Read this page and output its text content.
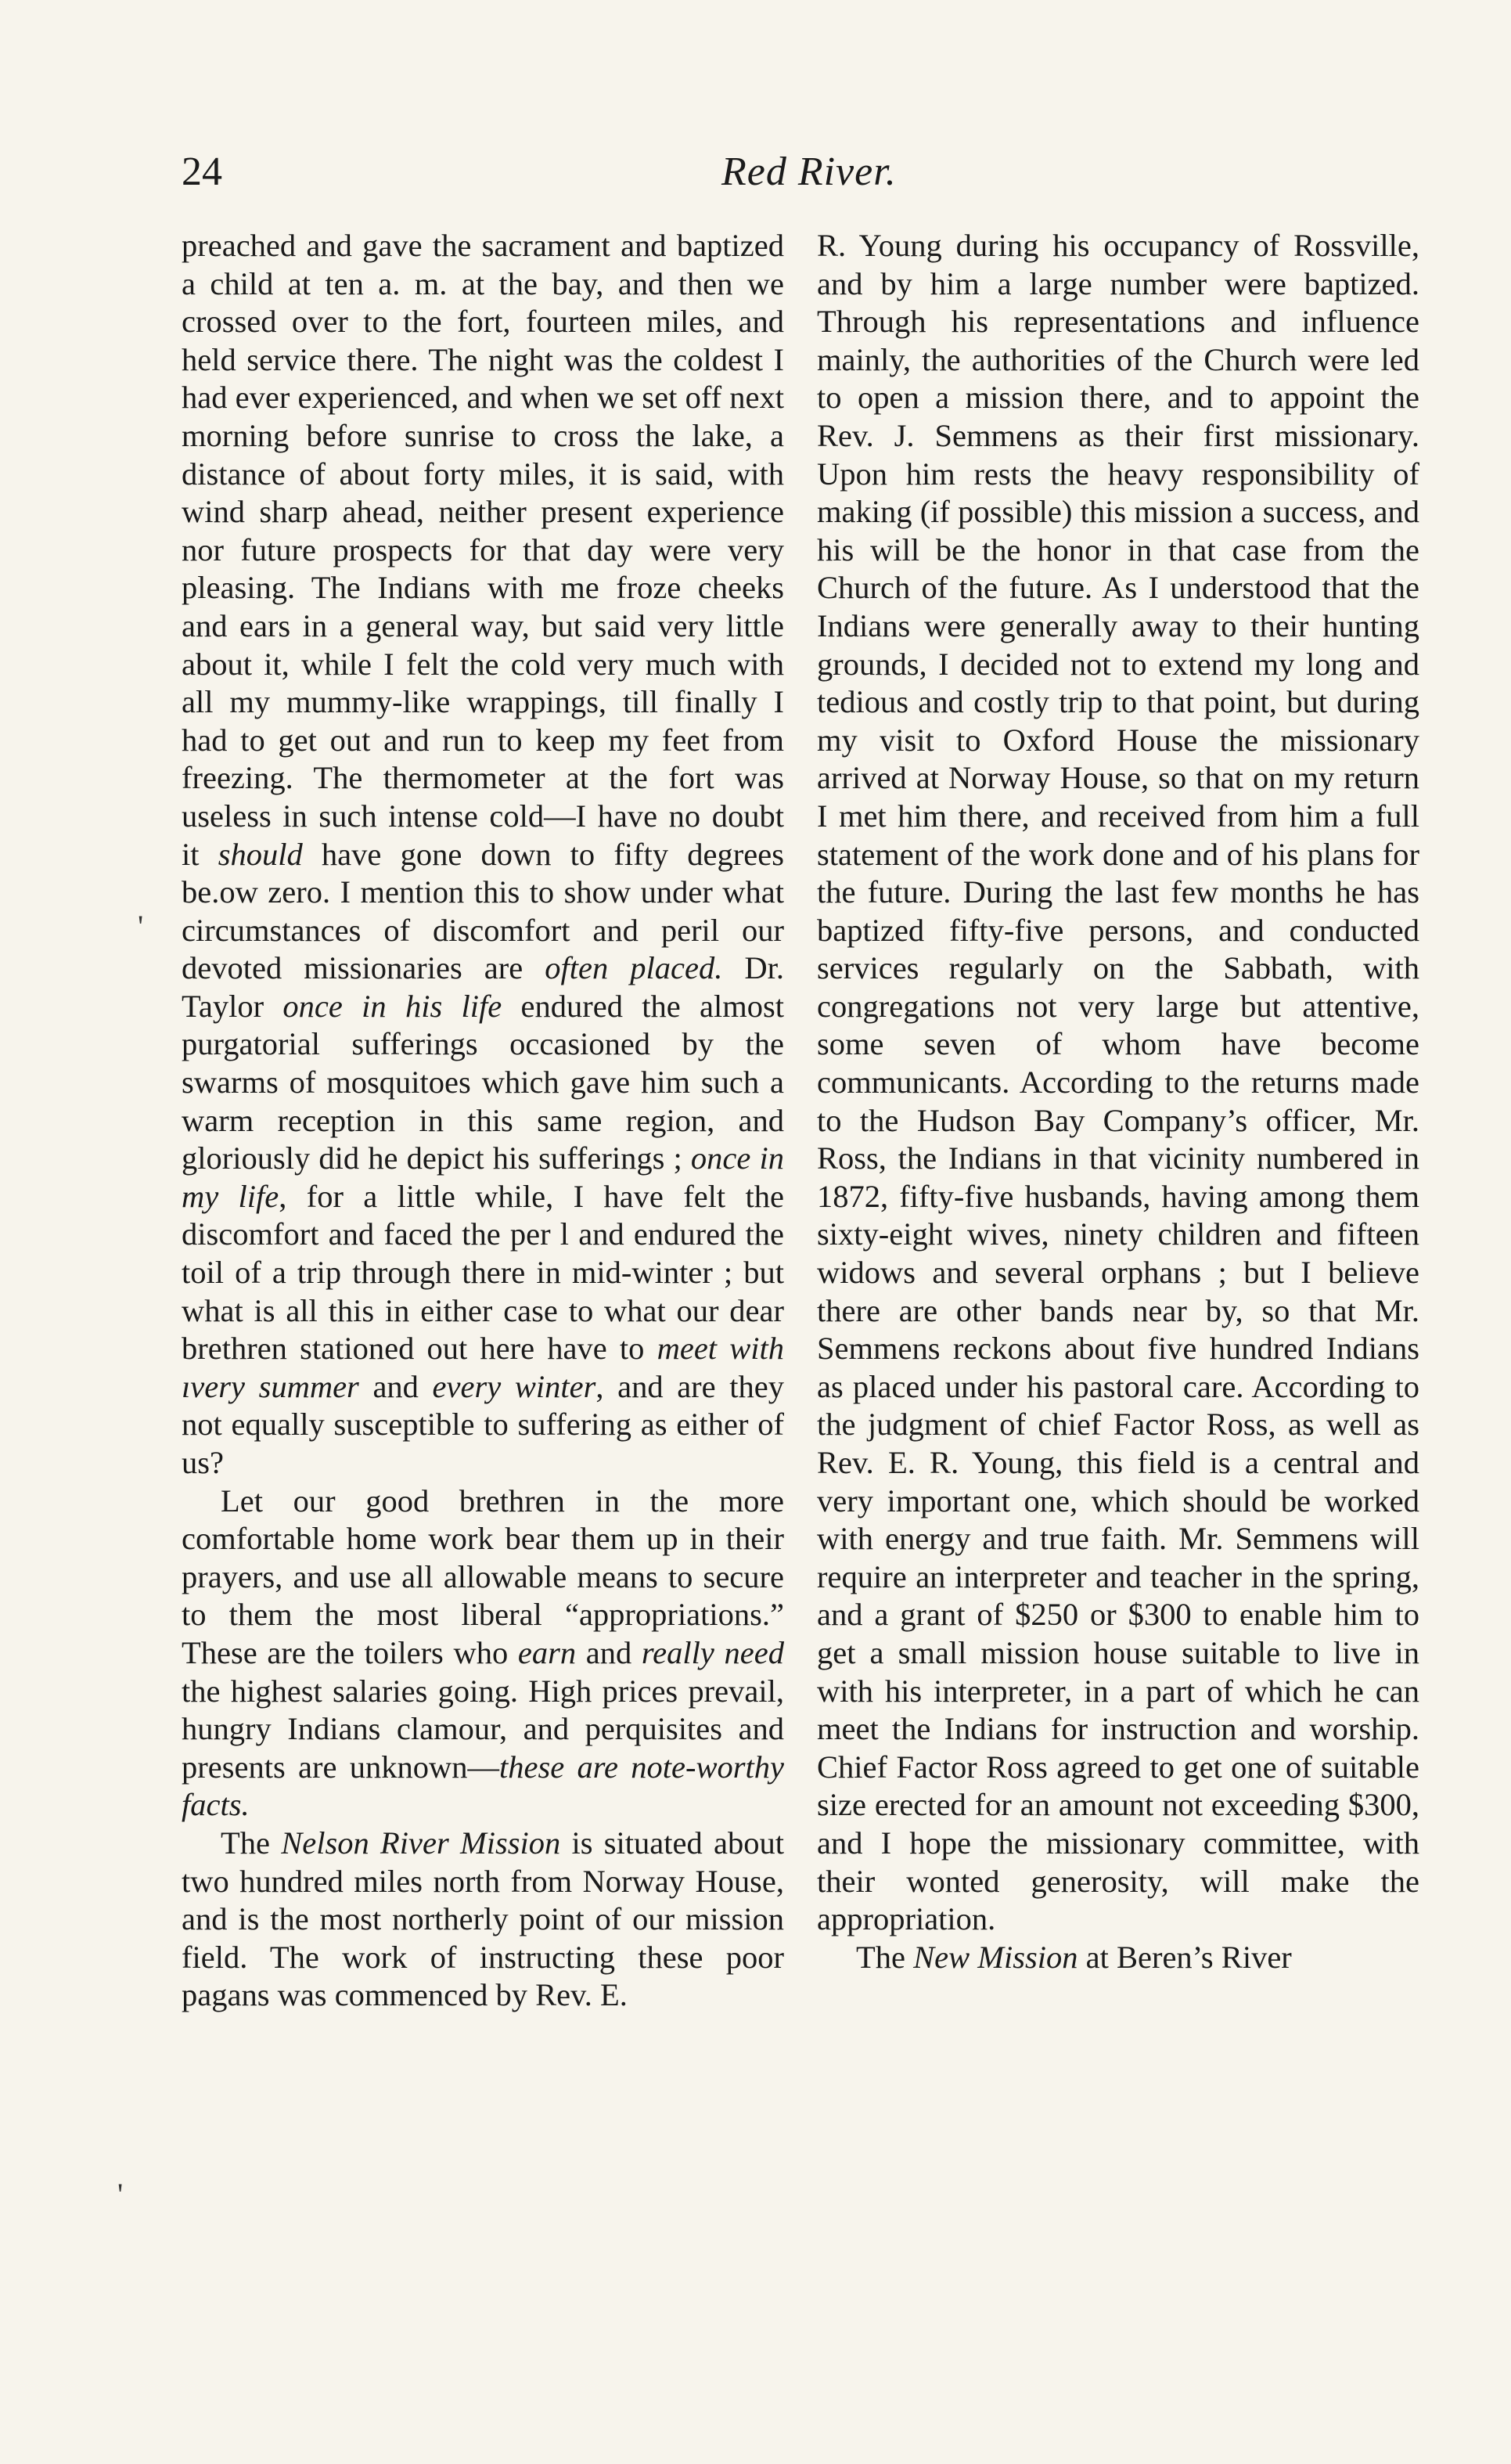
24	Red River.
'
'

preached and gave the sacrament and baptized a child at ten a. m. at the bay, and then we crossed over to the fort, fourteen miles, and held service there. The night was the coldest I had ever experienced, and when we set off next morning before sunrise to cross the lake, a distance of about forty miles, it is said, with wind sharp ahead, neither present experience nor future prospects for that day were very pleasing. The Indians with me froze cheeks and ears in a general way, but said very little about it, while I felt the cold very much with all my mummy-like wrappings, till finally I had to get out and run to keep my feet from freezing. The thermometer at the fort was useless in such intense cold—I have no doubt it should have gone down to fifty degrees be.ow zero. I mention this to show under what circumstances of discomfort and peril our devoted missionaries are often placed. Dr. Taylor once in his life endured the almost purgatorial sufferings occasioned by the swarms of mosquitoes which gave him such a warm reception in this same region, and gloriously did he depict his sufferings ; once in my life, for a little while, I have felt the discomfort and faced the per l and endured the toil of a trip through there in mid-winter ; but what is all this in either case to what our dear brethren stationed out here have to meet with ıvery summer and every winter, and are they not equally susceptible to suffering as either of us?

Let our good brethren in the more comfortable home work bear them up in their prayers, and use all allowable means to secure to them the most liberal “appropriations.” These are the toilers who earn and really need the highest salaries going. High prices prevail, hungry Indians clamour, and perquisites and presents are unknown—these are note-worthy facts.

The Nelson River Mission is situated about two hundred miles north from Norway House, and is the most northerly point of our mission field. The work of instructing these poor pagans was commenced by Rev. E.

R. Young during his occupancy of Rossville, and by him a large number were baptized. Through his representations and influence mainly, the authorities of the Church were led to open a mission there, and to appoint the Rev. J. Semmens as their first missionary. Upon him rests the heavy responsibility of making (if possible) this mission a success, and his will be the honor in that case from the Church of the future. As I understood that the Indians were generally away to their hunting grounds, I decided not to extend my long and tedious and costly trip to that point, but during my visit to Oxford House the missionary arrived at Norway House, so that on my return I met him there, and received from him a full statement of the work done and of his plans for the future. During the last few months he has baptized fifty-five persons, and conducted services regularly on the Sabbath, with congregations not very large but attentive, some seven of whom have become communicants. According to the returns made to the Hudson Bay Company’s officer, Mr. Ross, the Indians in that vicinity numbered in 1872, fifty-five husbands, having among them sixty-eight wives, ninety children and fifteen widows and several orphans ; but I believe there are other bands near by, so that Mr. Semmens reckons about five hundred Indians as placed under his pastoral care. According to the judgment of chief Factor Ross, as well as Rev. E. R. Young, this field is a central and very important one, which should be worked with energy and true faith. Mr. Semmens will require an interpreter and teacher in the spring, and a grant of $250 or $300 to enable him to get a small mission house suitable to live in with his interpreter, in a part of which he can meet the Indians for instruction and worship. Chief Factor Ross agreed to get one of suitable size erected for an amount not exceeding $300, and I hope the missionary committee, with their wonted generosity, will make the appropriation.

The New Mission at Beren’s River
